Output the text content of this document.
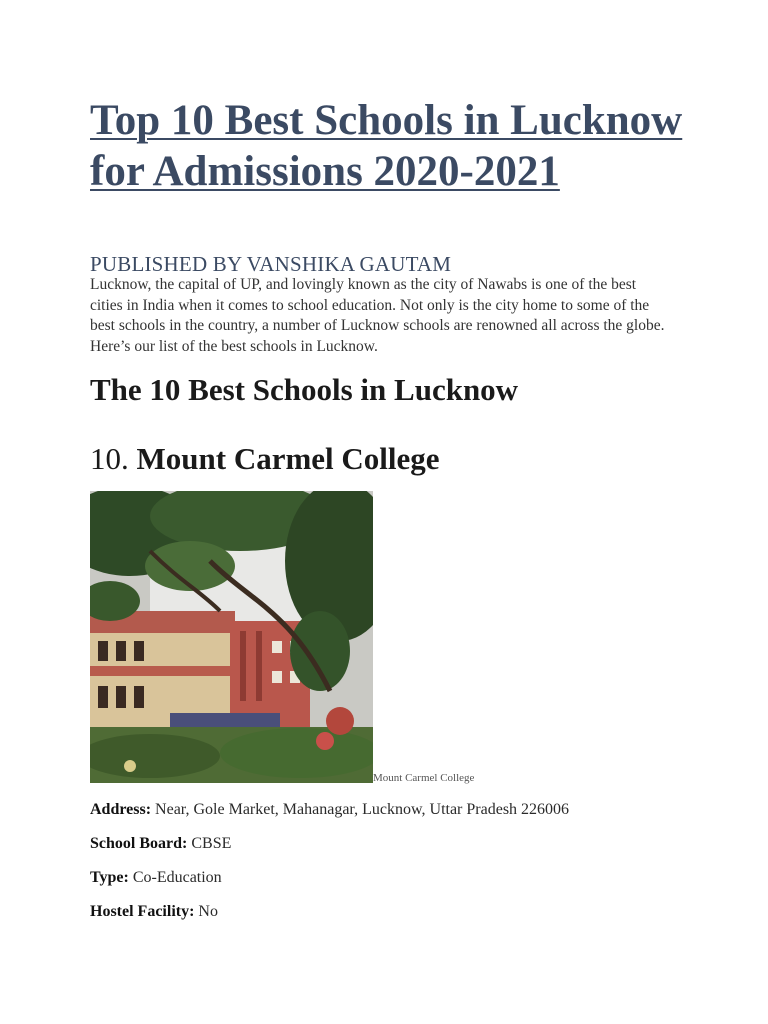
Top 10 Best Schools in Lucknow for Admissions 2020-2021

PUBLISHED BY VANSHIKA GAUTAM

Lucknow, the capital of UP, and lovingly known as the city of Nawabs is one of the best cities in India when it comes to school education. Not only is the city home to some of the best schools in the country, a number of Lucknow schools are renowned all across the globe. Here’s our list of the best schools in Lucknow.

The 10 Best Schools in Lucknow
10. Mount Carmel College

Mount Carmel College

Address: Near, Gole Market, Mahanagar, Lucknow, Uttar Pradesh 226006

School Board: CBSE

Type: Co-Education

Hostel Facility: No
